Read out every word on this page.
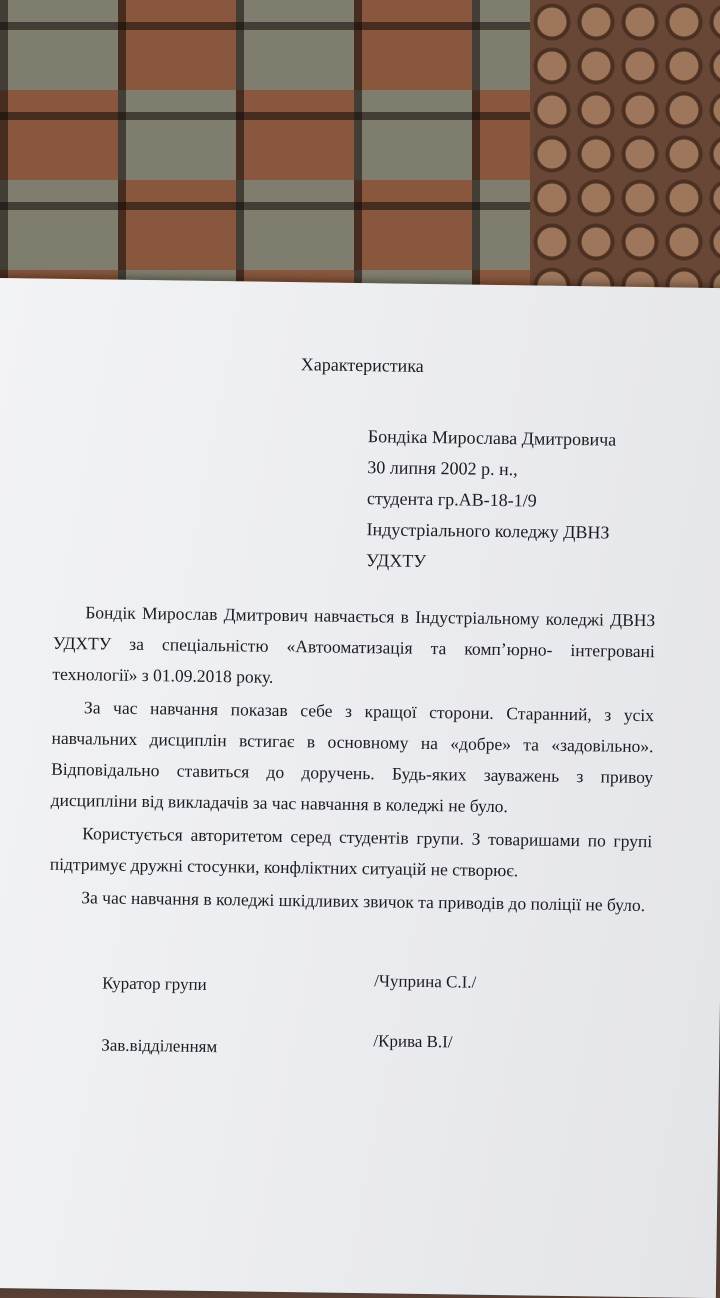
Характеристика
Бондіка Мирослава Дмитровича
30 липня 2002 р. н.,
студента гр.АВ-18-1/9
Індустріального коледжу ДВНЗ
УДХТУ

Бондік Мирослав Дмитрович навчається в Індустріальному коледжі ДВНЗ УДХТУ за спеціальністю «Автооматизація та комп’юрно- інтегровані технології» з 01.09.2018 року.

За час навчання показав себе з кращої сторони. Старанний, з усіх навчальних дисциплін встигає в основному на «добре» та «задовільно». Відповідально ставиться до доручень. Будь-яких зауважень з привоу дисципліни від викладачів за час навчання в коледжі не було.

Користується авторитетом серед студентів групи. З товаришами по групі підтримує дружні стосунки, конфліктних ситуацій не створює.

За час навчання в коледжі шкідливих звичок та приводів до поліції не було.

Куратор групи	/Чуприна С.І./
Зав.відділенням	/Крива В.І/
